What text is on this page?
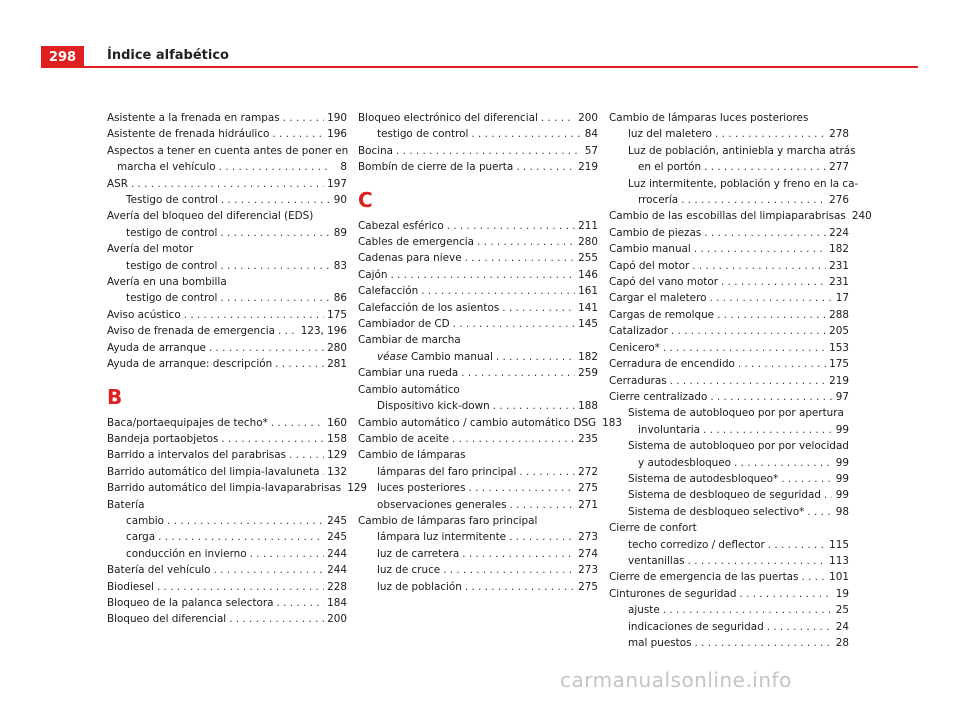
298	Índice alfabético
Asistente a la frenada en rampas . . .	190
Asistente de frenada hidráulico . . .	196
Aspectos a tener en cuenta antes de poner en
marcha el vehículo . . .	8
ASR . . .	197
Testigo de control . . .	90
Avería del bloqueo del diferencial (EDS)
testigo de control . . .	89
Avería del motor
testigo de control . . .	83
Avería en una bombilla
testigo de control . . .	86
Aviso acústico . . .	175
Aviso de frenada de emergencia . . . 123, 196
Ayuda de arranque . . .	280
Ayuda de arranque: descripción . . .	281
B
Baca/portaequipajes de techo* . . .	160
Bandeja portaobjetos . . .	158
Barrido a intervalos del parabrisas . . .	129
Barrido automático del limpia-lavaluneta . . . 132
Barrido automático del limpia-lavaparabrisas 129
Batería
cambio . . .	245
carga . . .	245
conducción en invierno . . .	244
Batería del vehículo . . .	244
Biodiesel . . .	228
Bloqueo de la palanca selectora . . .	184
Bloqueo del diferencial . . .	200
Bloqueo electrónico del diferencial . . .	200
testigo de control . . .	84
Bocina . . .	57
Bombín de cierre de la puerta . . .	219
C
Cabezal esférico . . .	211
Cables de emergencia . . .	280
Cadenas para nieve . . .	255
Cajón . . .	146
Calefacción . . .	161
Calefacción de los asientos . . .	141
Cambiador de CD . . .	145
Cambiar de marcha
véase Cambio manual . . .	182
Cambiar una rueda . . .	259
Cambio automático
Dispositivo kick-down . . .	188
Cambio automático / cambio automático DSG 183
Cambio de aceite . . .	235
Cambio de lámparas
lámparas del faro principal . . .	272
luces posteriores . . .	275
observaciones generales . . .	271
Cambio de lámparas faro principal
lámpara luz intermitente . . .	273
luz de carretera . . .	274
luz de cruce . . .	273
luz de población . . .	275
Cambio de lámparas luces posteriores
luz del maletero . . .	278
Luz de población, antiniebla y marcha atrás
en el portón . . .	277
Luz intermitente, población y freno en la ca-
rrocería . . .	276
Cambio de las escobillas del limpiaparabrisas 240
Cambio de piezas . . .	224
Cambio manual . . .	182
Capó del motor . . .	231
Capó del vano motor . . .	231
Cargar el maletero . . .	17
Cargas de remolque . . .	288
Catalizador . . .	205
Cenicero* . . .	153
Cerradura de encendido . . .	175
Cerraduras . . .	219
Cierre centralizado . . .	97
Sistema de autobloqueo por por apertura
involuntaria . . .	99
Sistema de autobloqueo por por velocidad
y autodesbloqueo . . .	99
Sistema de autodesbloqueo* . . .	99
Sistema de desbloqueo de seguridad . . . 99
Sistema de desbloqueo selectivo* . . .	98
Cierre de confort
techo corredizo / deflector . . .	115
ventanillas . . .	113
Cierre de emergencia de las puertas . . .	101
Cinturones de seguridad . . .	19
ajuste . . .	25
indicaciones de seguridad . . .	24
mal puestos . . .	28
carmanualsonline.info
